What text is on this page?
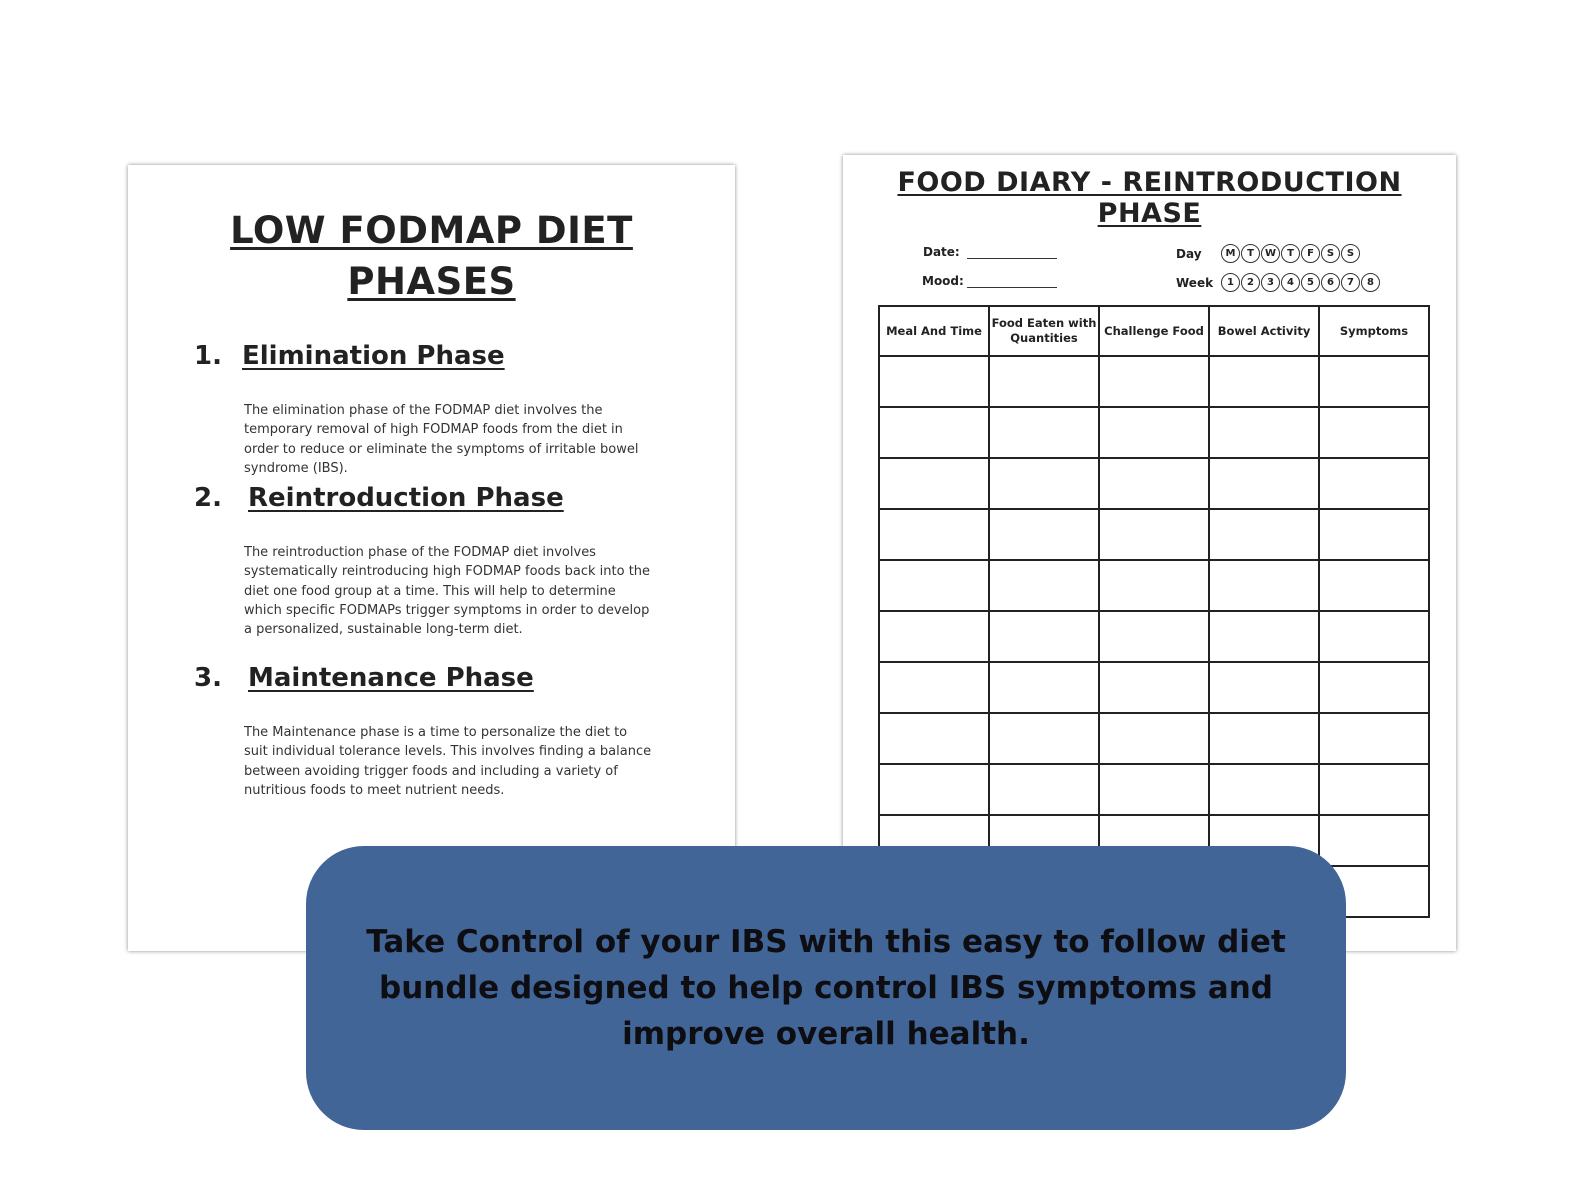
LOW FODMAP DIET
PHASES
1. Elimination Phase
The elimination phase of the FODMAP diet involves the temporary removal of high FODMAP foods from the diet in order to reduce or eliminate the symptoms of irritable bowel syndrome (IBS).
2. Reintroduction Phase
The reintroduction phase of the FODMAP diet involves systematically reintroducing high FODMAP foods back into the diet one food group at a time. This will help to determine which specific FODMAPs trigger symptoms in order to develop a personalized, sustainable long-term diet.
3. Maintenance Phase
The Maintenance phase is a time to personalize the diet to suit individual tolerance levels. This involves finding a balance between avoiding trigger foods and including a variety of nutritious foods to meet nutrient needs.
FOOD DIARY - REINTRODUCTION
PHASE
Date:
Mood:
Day	M	T	W	T	F	S	S
Week	1	2	3	4	5	6	7	8
Meal And Time	Food Eaten with Quantities	Challenge Food	Bowel Activity	Symptoms

Take Control of your IBS with this easy to follow diet bundle designed to help control IBS symptoms and improve overall health.
